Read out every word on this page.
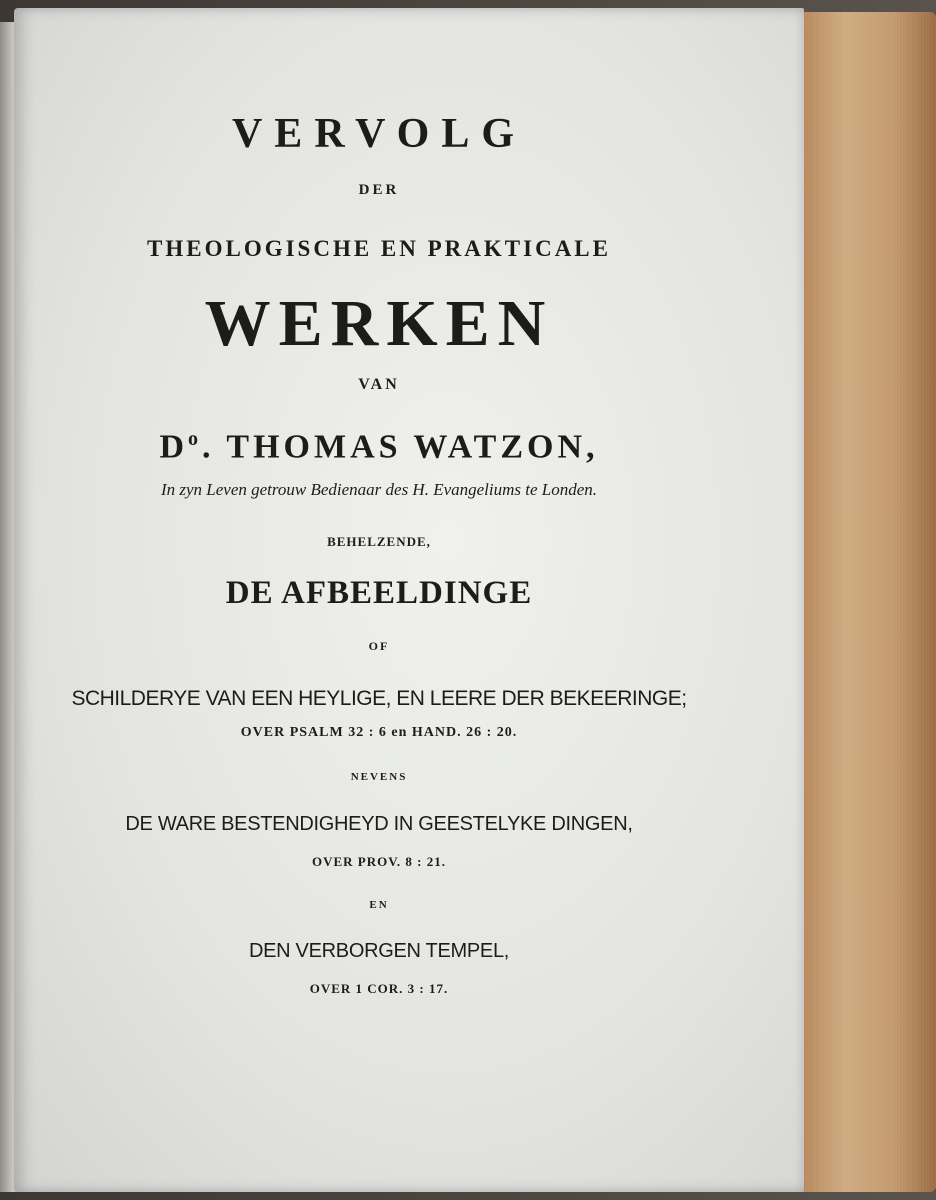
VERVOLG
DER
THEOLOGISCHE EN PRAKTICALE
WERKEN
VAN
$D^o$. THOMAS WATZON,
In zyn Leven getrouw Bedienaar des H. Evangeliums te Londen.
BEHELZENDE,
DE AFBEELDINGE
OF
SCHILDERYE VAN EEN HEYLIGE, EN LEERE DER BEKEERINGE;
OVER PSALM 32 : 6 en HAND. 26 : 20.
NEVENS
DE WARE BESTENDIGHEYD IN GEESTELYKE DINGEN,
OVER PROV. 8 : 21.
EN
DEN VERBORGEN TEMPEL,
OVER 1 COR. 3 : 17.
